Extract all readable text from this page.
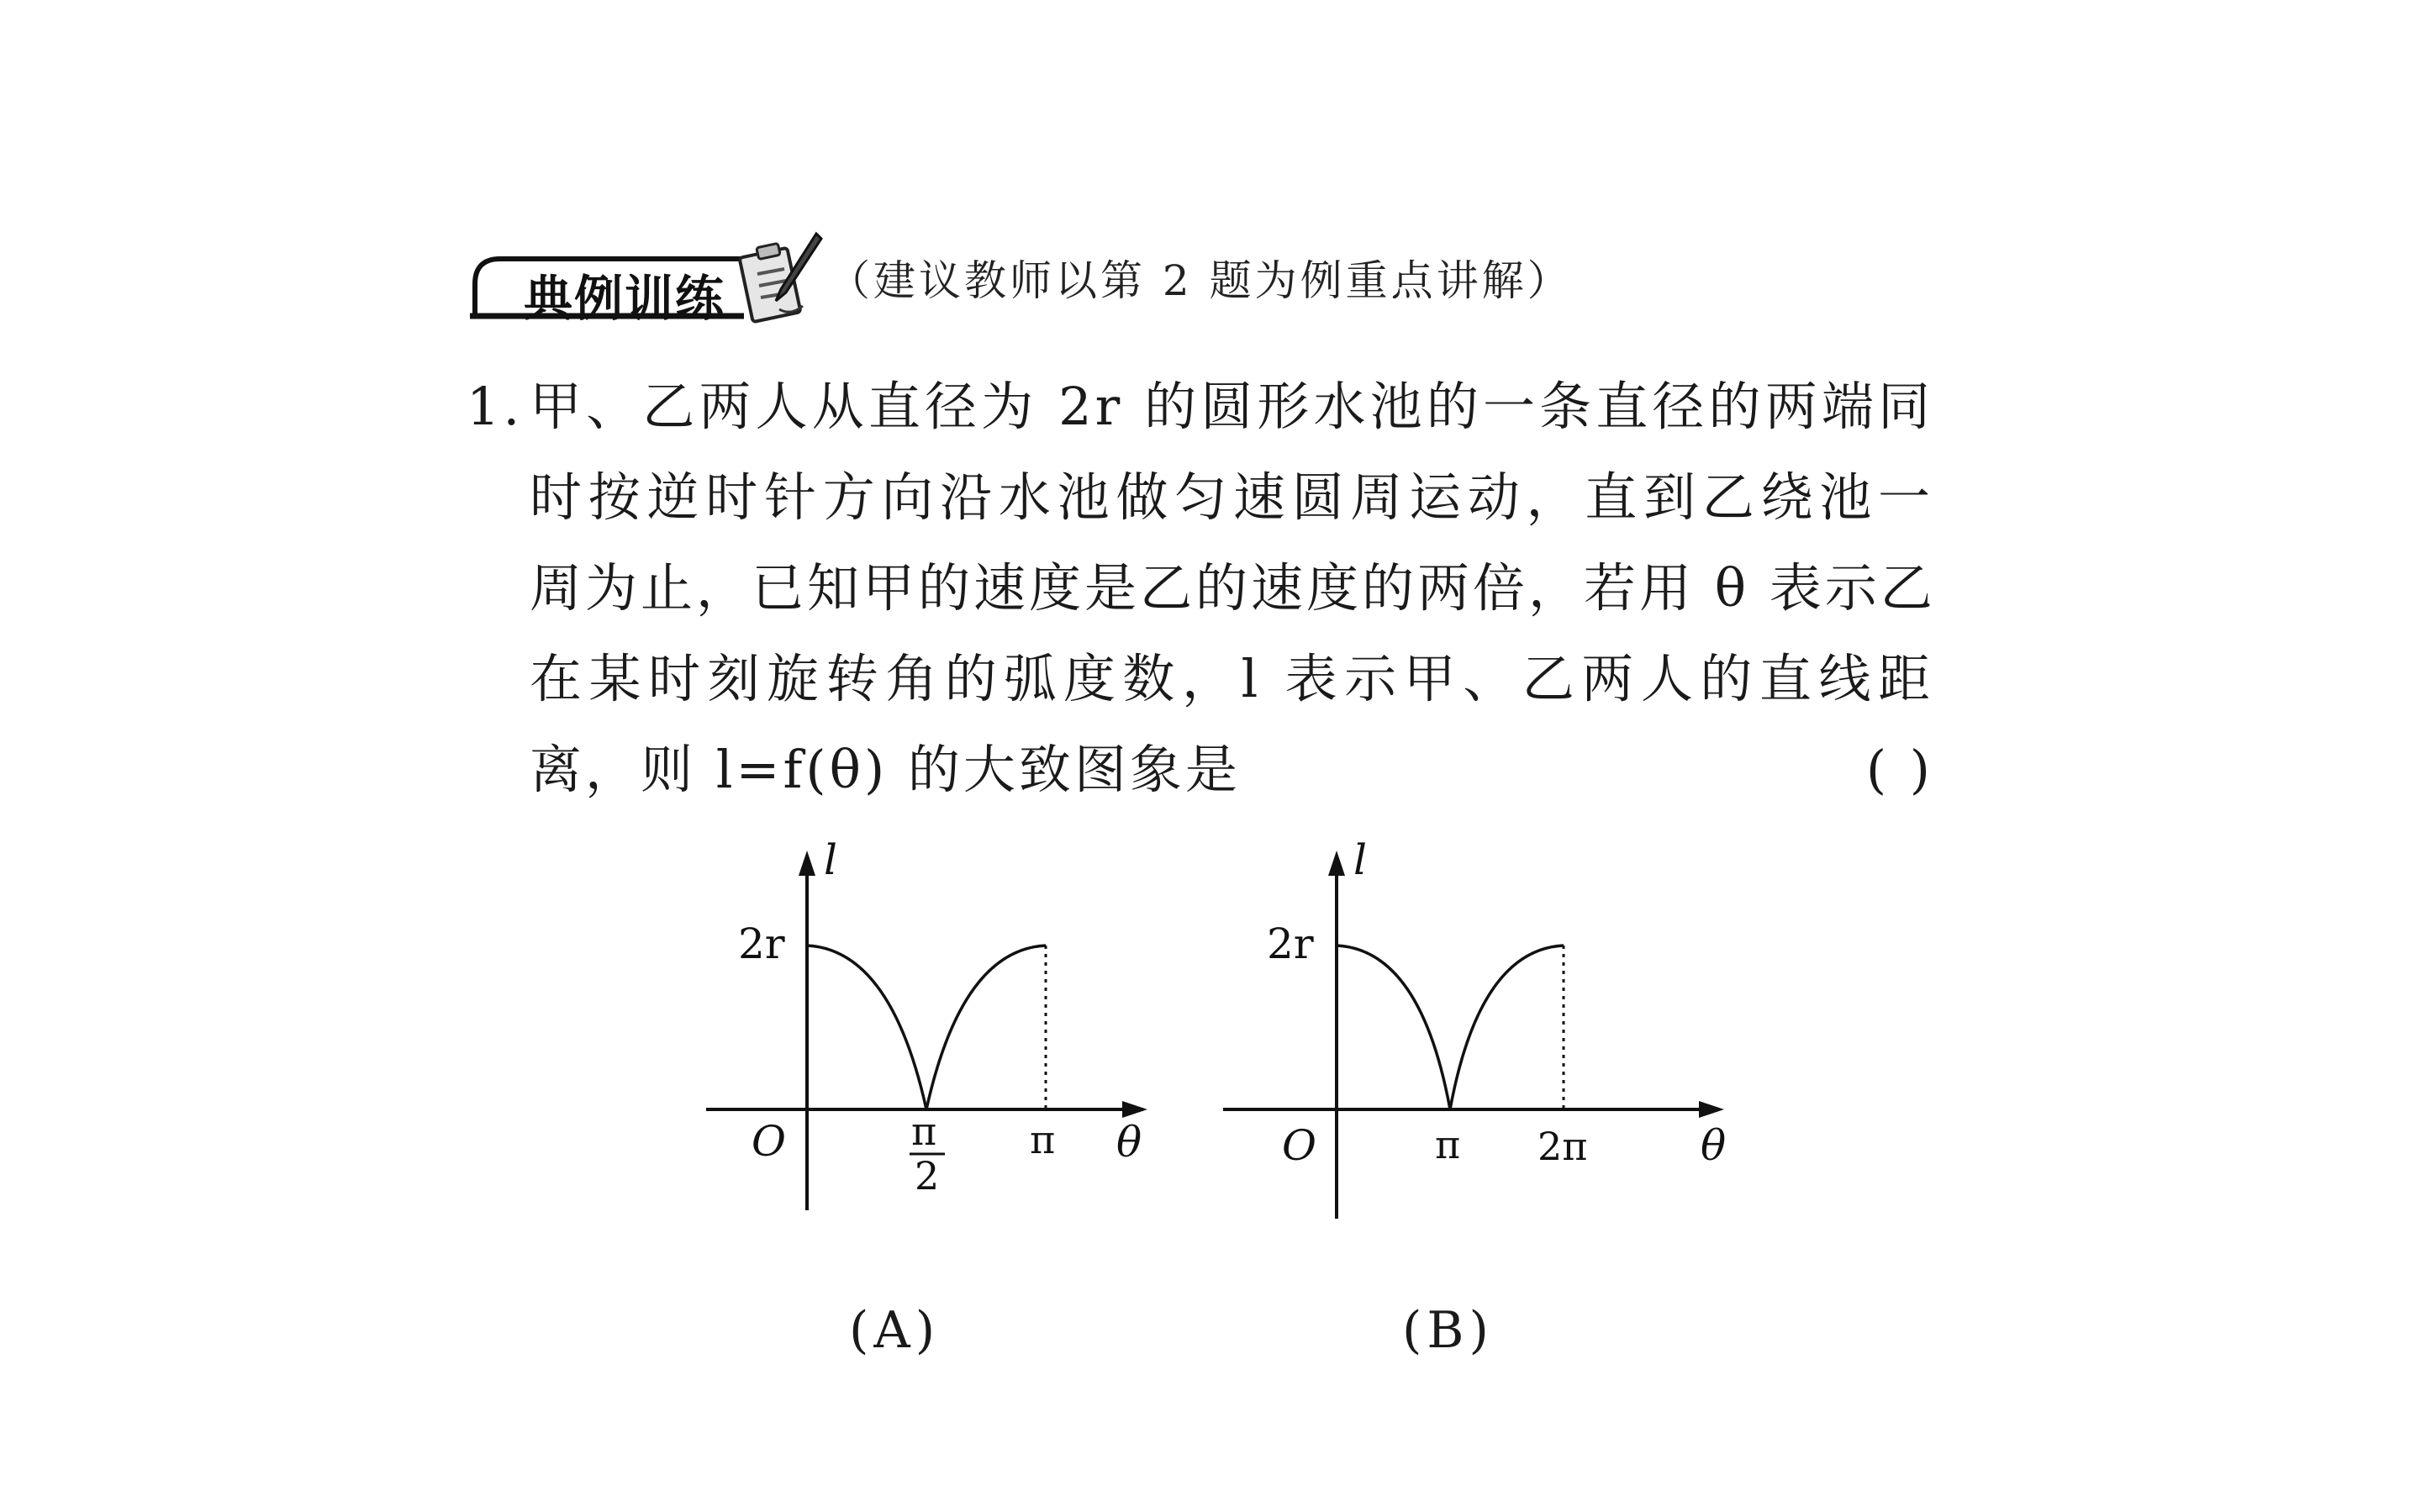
典例训练 （建议教师以第 2 题为例重点讲解）
1. 甲、乙两人从直径为 2r 的圆形水池的一条直径的两端同
时按逆时针方向沿水池做匀速圆周运动，直到乙绕池一
周为止，已知甲的速度是乙的速度的两倍，若用 θ 表示乙
在某时刻旋转角的弧度数，l 表示甲、乙两人的直线距
离，则 l=f(θ) 的大致图象是	( )
l
2r
O	π
2
π θ
(A)
l
2r
O	π 2π	θ
(B)
